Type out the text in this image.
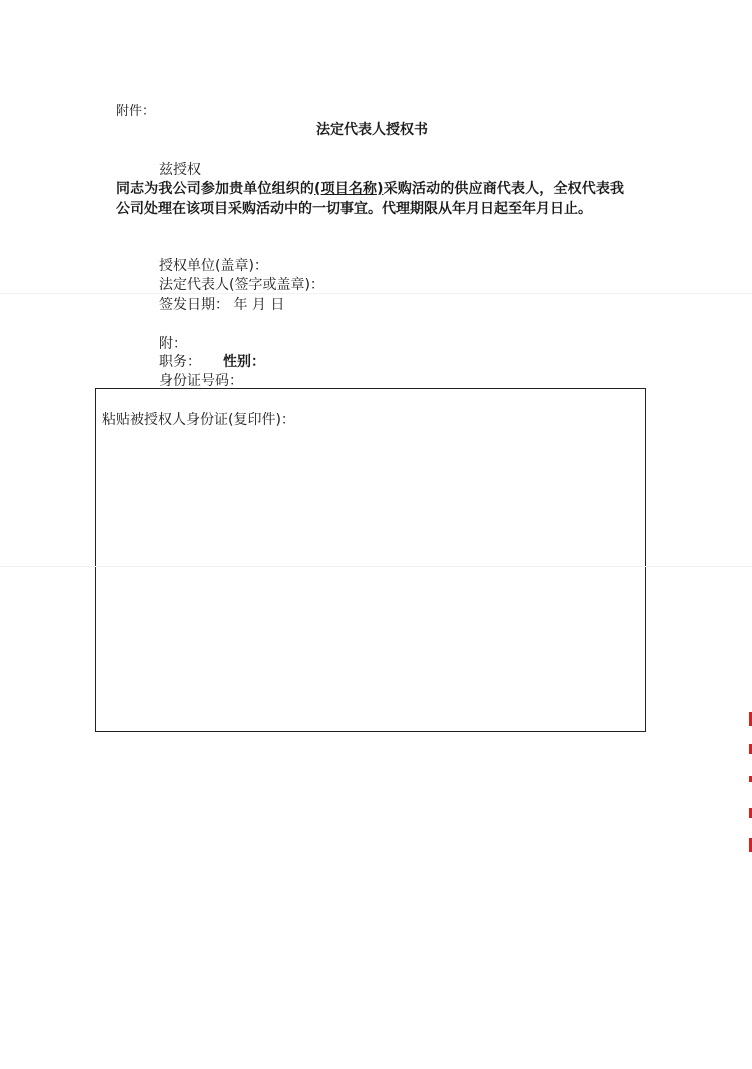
附件：
法定代表人授权书
兹授权
同志为我公司参加贵单位组织的(项目名称)采购活动的供应商代表人，全权代表我公司处理在该项目采购活动中的一切事宜。代理期限从年月日起至年月日止。
授权单位(盖章)：
法定代表人(签字或盖章)：
签发日期： 年 月 日
附：
职务： 性别：
身份证号码：
粘贴被授权人身份证(复印件)：
